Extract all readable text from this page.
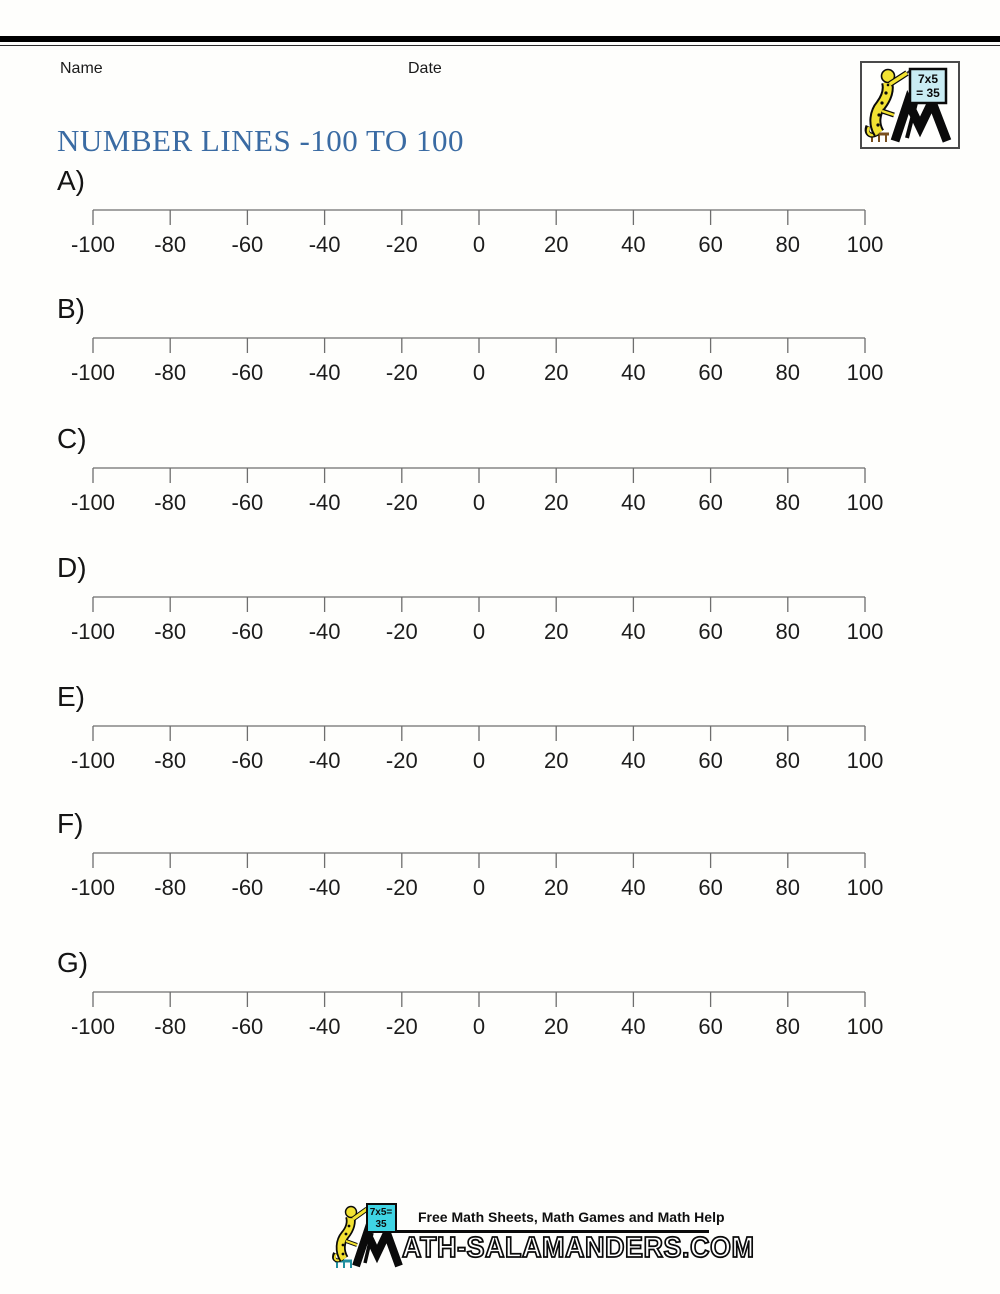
Name	Date
7x5
= 35
NUMBER LINES -100 TO 100
A)
-100 -80 -60 -40 -20	0	20 40 60 80 100
B)
-100 -80 -60 -40 -20	0	20 40 60 80 100
C)
-100 -80 -60 -40 -20	0	20 40 60 80 100
D)
-100 -80 -60 -40 -20	0	20 40 60 80 100
E)
-100 -80 -60 -40 -20	0	20 40 60 80 100
F)
-100 -80 -60 -40 -20	0	20 40 60 80 100
G)
-100 -80 -60 -40 -20	0	20 40 60 80 100
7x5=
35 Free Math Sheets, Math Games and Math Help
ATH-SALAMANDERS.COM
